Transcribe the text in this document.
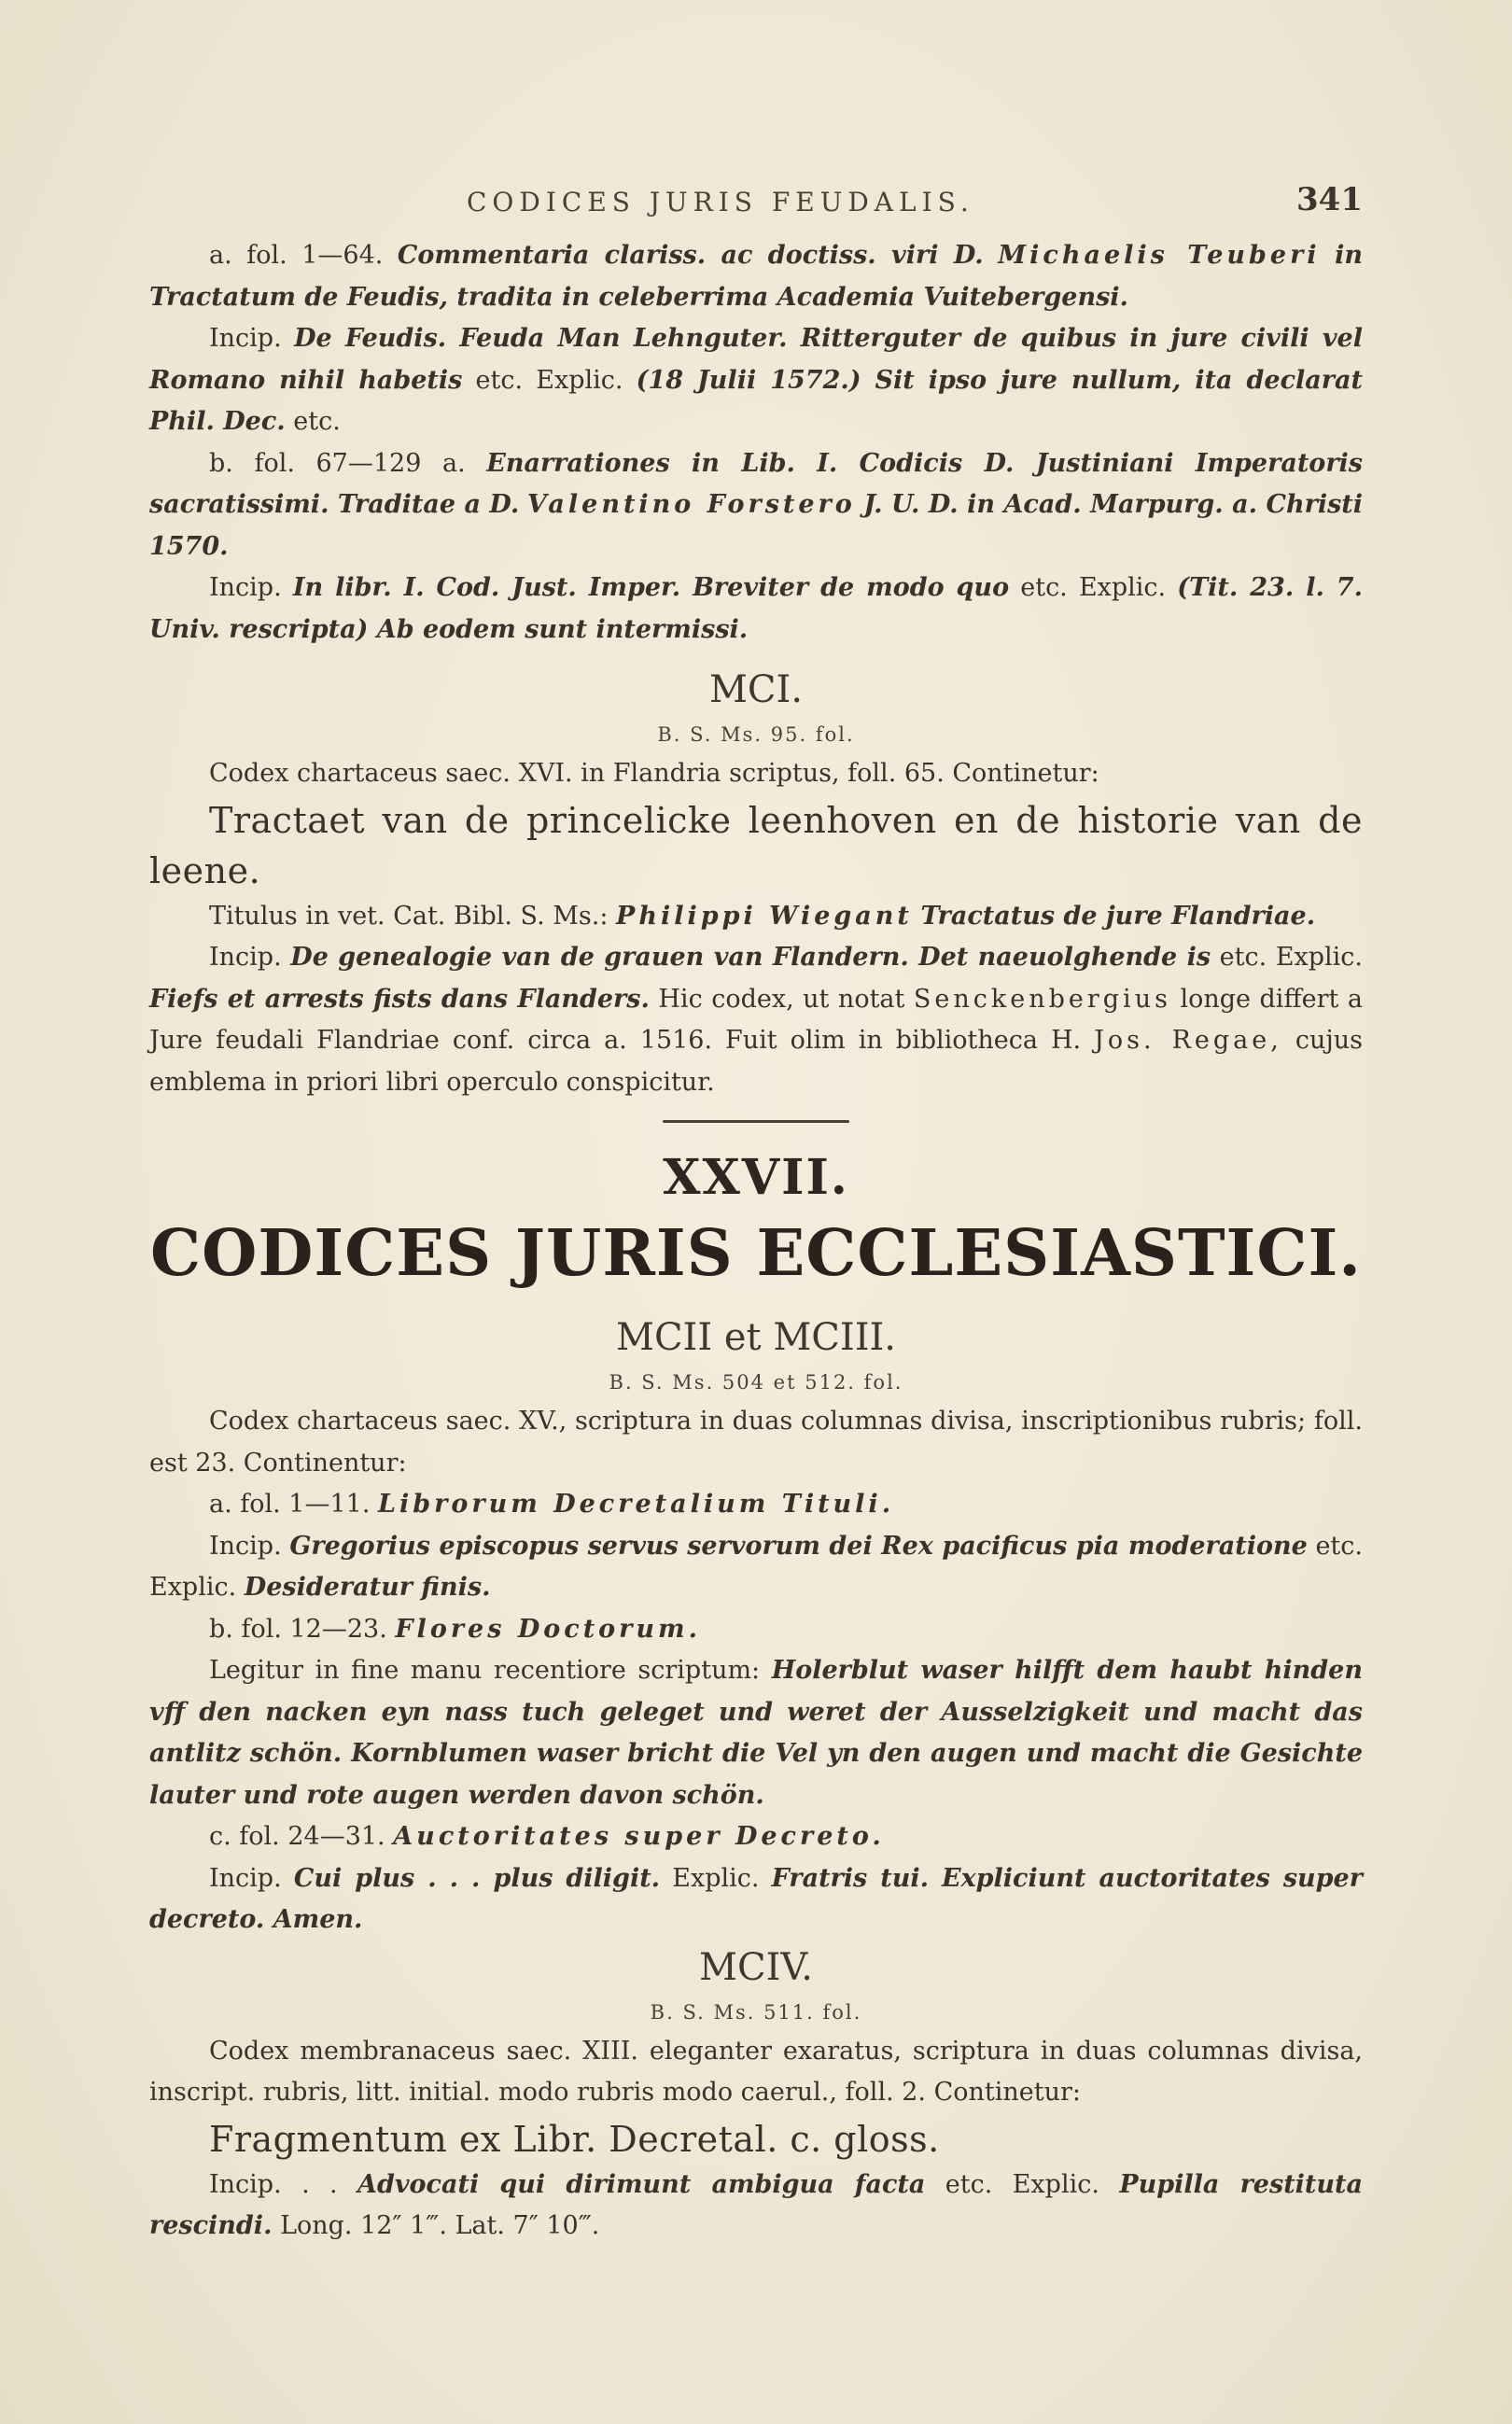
CODICES JURIS FEUDALIS.	341

a. fol. 1—64. Commentaria clariss. ac doctiss. viri D. Michaelis Teuberi in Tractatum de Feudis, tradita in celeberrima Academia Vuitebergensi.

Incip. De Feudis. Feuda Man Lehnguter. Ritterguter de quibus in jure civili vel Romano nihil habetis etc. Explic. (18 Julii 1572.) Sit ipso jure nullum, ita declarat Phil. Dec. etc.

b. fol. 67—129 a. Enarrationes in Lib. I. Codicis D. Justiniani Imperatoris sacratissimi. Traditae a D. Valentino Forstero J. U. D. in Acad. Marpurg. a. Christi 1570.

Incip. In libr. I. Cod. Just. Imper. Breviter de modo quo etc. Explic. (Tit. 23. l. 7. Univ. rescripta) Ab eodem sunt intermissi.

MCI.
B. S. Ms. 95. fol.

Codex chartaceus saec. XVI. in Flandria scriptus, foll. 65. Continetur:

Tractaet van de princelicke leenhoven en de historie van de leene.

Titulus in vet. Cat. Bibl. S. Ms.: Philippi Wiegant Tractatus de jure Flandriae.

Incip. De genealogie van de grauen van Flandern. Det naeuolghende is etc. Explic. Fiefs et arrests fists dans Flanders. Hic codex, ut notat Senckenbergius longe differt a Jure feudali Flandriae conf. circa a. 1516. Fuit olim in bibliotheca H. Jos. Regae, cujus emblema in priori libri operculo conspicitur.

XXVII.
CODICES JURIS ECCLESIASTICI.
MCII et MCIII.
B. S. Ms. 504 et 512. fol.

Codex chartaceus saec. XV., scriptura in duas columnas divisa, inscriptionibus rubris; foll. est 23. Continentur:

a. fol. 1—11. Librorum Decretalium Tituli.

Incip. Gregorius episcopus servus servorum dei Rex pacificus pia moderatione etc. Explic. Desideratur finis.

b. fol. 12—23. Flores Doctorum.

Legitur in fine manu recentiore scriptum: Holerblut waser hilfft dem haubt hinden vff den nacken eyn nass tuch geleget und weret der Ausselzigkeit und macht das antlitz schön. Kornblumen waser bricht die Vel yn den augen und macht die Gesichte lauter und rote augen werden davon schön.

c. fol. 24—31. Auctoritates super Decreto.

Incip. Cui plus . . . plus diligit. Explic. Fratris tui. Expliciunt auctoritates super decreto. Amen.

MCIV.
B. S. Ms. 511. fol.

Codex membranaceus saec. XIII. eleganter exaratus, scriptura in duas columnas divisa, inscript. rubris, litt. initial. modo rubris modo caerul., foll. 2. Continetur:

Fragmentum ex Libr. Decretal. c. gloss.

Incip. . . Advocati qui dirimunt ambigua facta etc. Explic. Pupilla restituta rescindi. Long. 12″ 1‴. Lat. 7″ 10‴.
